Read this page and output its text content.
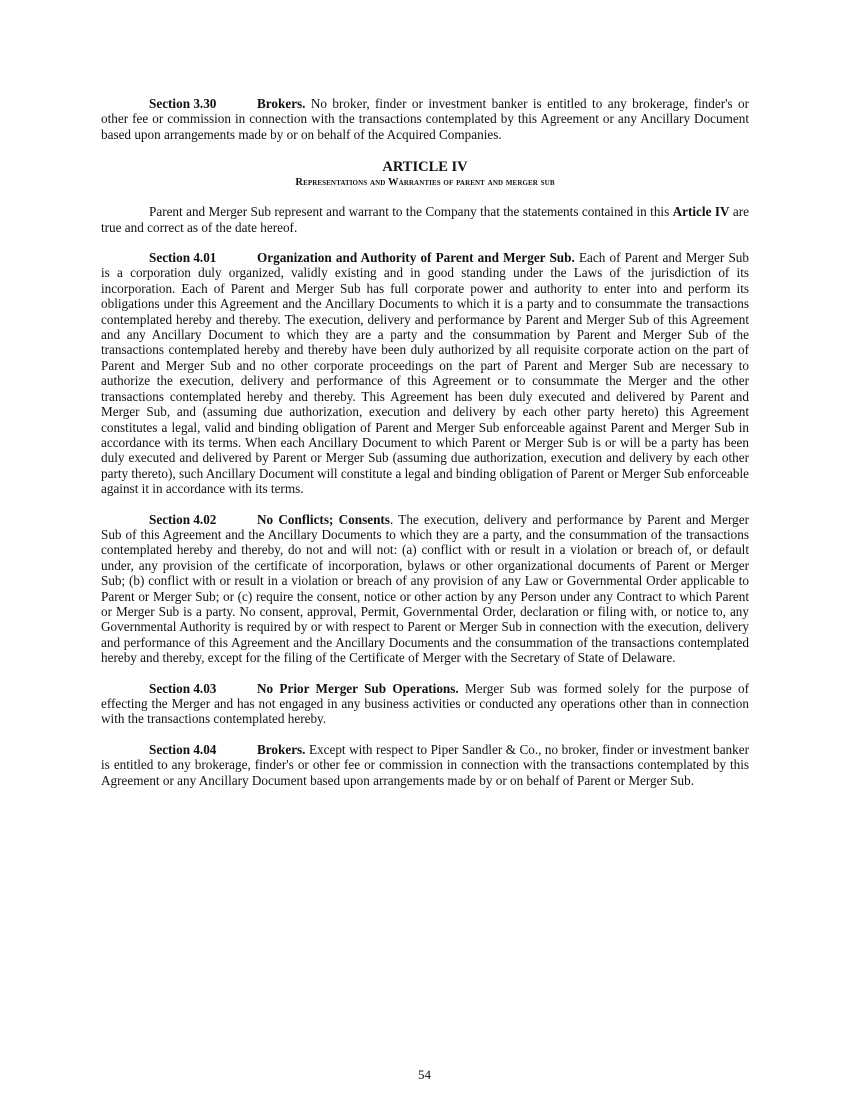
Section 3.30	Brokers. No broker, finder or investment banker is entitled to any brokerage, finder's or other fee or commission in connection with the transactions contemplated by this Agreement or any Ancillary Document based upon arrangements made by or on behalf of the Acquired Companies.

ARTICLE IV
Representations and Warranties of parent and merger sub

Parent and Merger Sub represent and warrant to the Company that the statements contained in this Article IV are true and correct as of the date hereof.

Section 4.01	Organization and Authority of Parent and Merger Sub. Each of Parent and Merger Sub is a corporation duly organized, validly existing and in good standing under the Laws of the jurisdiction of its incorporation. Each of Parent and Merger Sub has full corporate power and authority to enter into and perform its obligations under this Agreement and the Ancillary Documents to which it is a party and to consummate the transactions contemplated hereby and thereby. The execution, delivery and performance by Parent and Merger Sub of this Agreement and any Ancillary Document to which they are a party and the consummation by Parent and Merger Sub of the transactions contemplated hereby and thereby have been duly authorized by all requisite corporate action on the part of Parent and Merger Sub and no other corporate proceedings on the part of Parent and Merger Sub are necessary to authorize the execution, delivery and performance of this Agreement or to consummate the Merger and the other transactions contemplated hereby and thereby. This Agreement has been duly executed and delivered by Parent and Merger Sub, and (assuming due authorization, execution and delivery by each other party hereto) this Agreement constitutes a legal, valid and binding obligation of Parent and Merger Sub enforceable against Parent and Merger Sub in accordance with its terms. When each Ancillary Document to which Parent or Merger Sub is or will be a party has been duly executed and delivered by Parent or Merger Sub (assuming due authorization, execution and delivery by each other party thereto), such Ancillary Document will constitute a legal and binding obligation of Parent or Merger Sub enforceable against it in accordance with its terms.

Section 4.02	No Conflicts; Consents. The execution, delivery and performance by Parent and Merger Sub of this Agreement and the Ancillary Documents to which they are a party, and the consummation of the transactions contemplated hereby and thereby, do not and will not: (a) conflict with or result in a violation or breach of, or default under, any provision of the certificate of incorporation, bylaws or other organizational documents of Parent or Merger Sub; (b) conflict with or result in a violation or breach of any provision of any Law or Governmental Order applicable to Parent or Merger Sub; or (c) require the consent, notice or other action by any Person under any Contract to which Parent or Merger Sub is a party. No consent, approval, Permit, Governmental Order, declaration or filing with, or notice to, any Governmental Authority is required by or with respect to Parent or Merger Sub in connection with the execution, delivery and performance of this Agreement and the Ancillary Documents and the consummation of the transactions contemplated hereby and thereby, except for the filing of the Certificate of Merger with the Secretary of State of Delaware.

Section 4.03	No Prior Merger Sub Operations. Merger Sub was formed solely for the purpose of effecting the Merger and has not engaged in any business activities or conducted any operations other than in connection with the transactions contemplated hereby.

Section 4.04	Brokers. Except with respect to Piper Sandler & Co., no broker, finder or investment banker is entitled to any brokerage, finder's or other fee or commission in connection with the transactions contemplated by this Agreement or any Ancillary Document based upon arrangements made by or on behalf of Parent or Merger Sub.

54
